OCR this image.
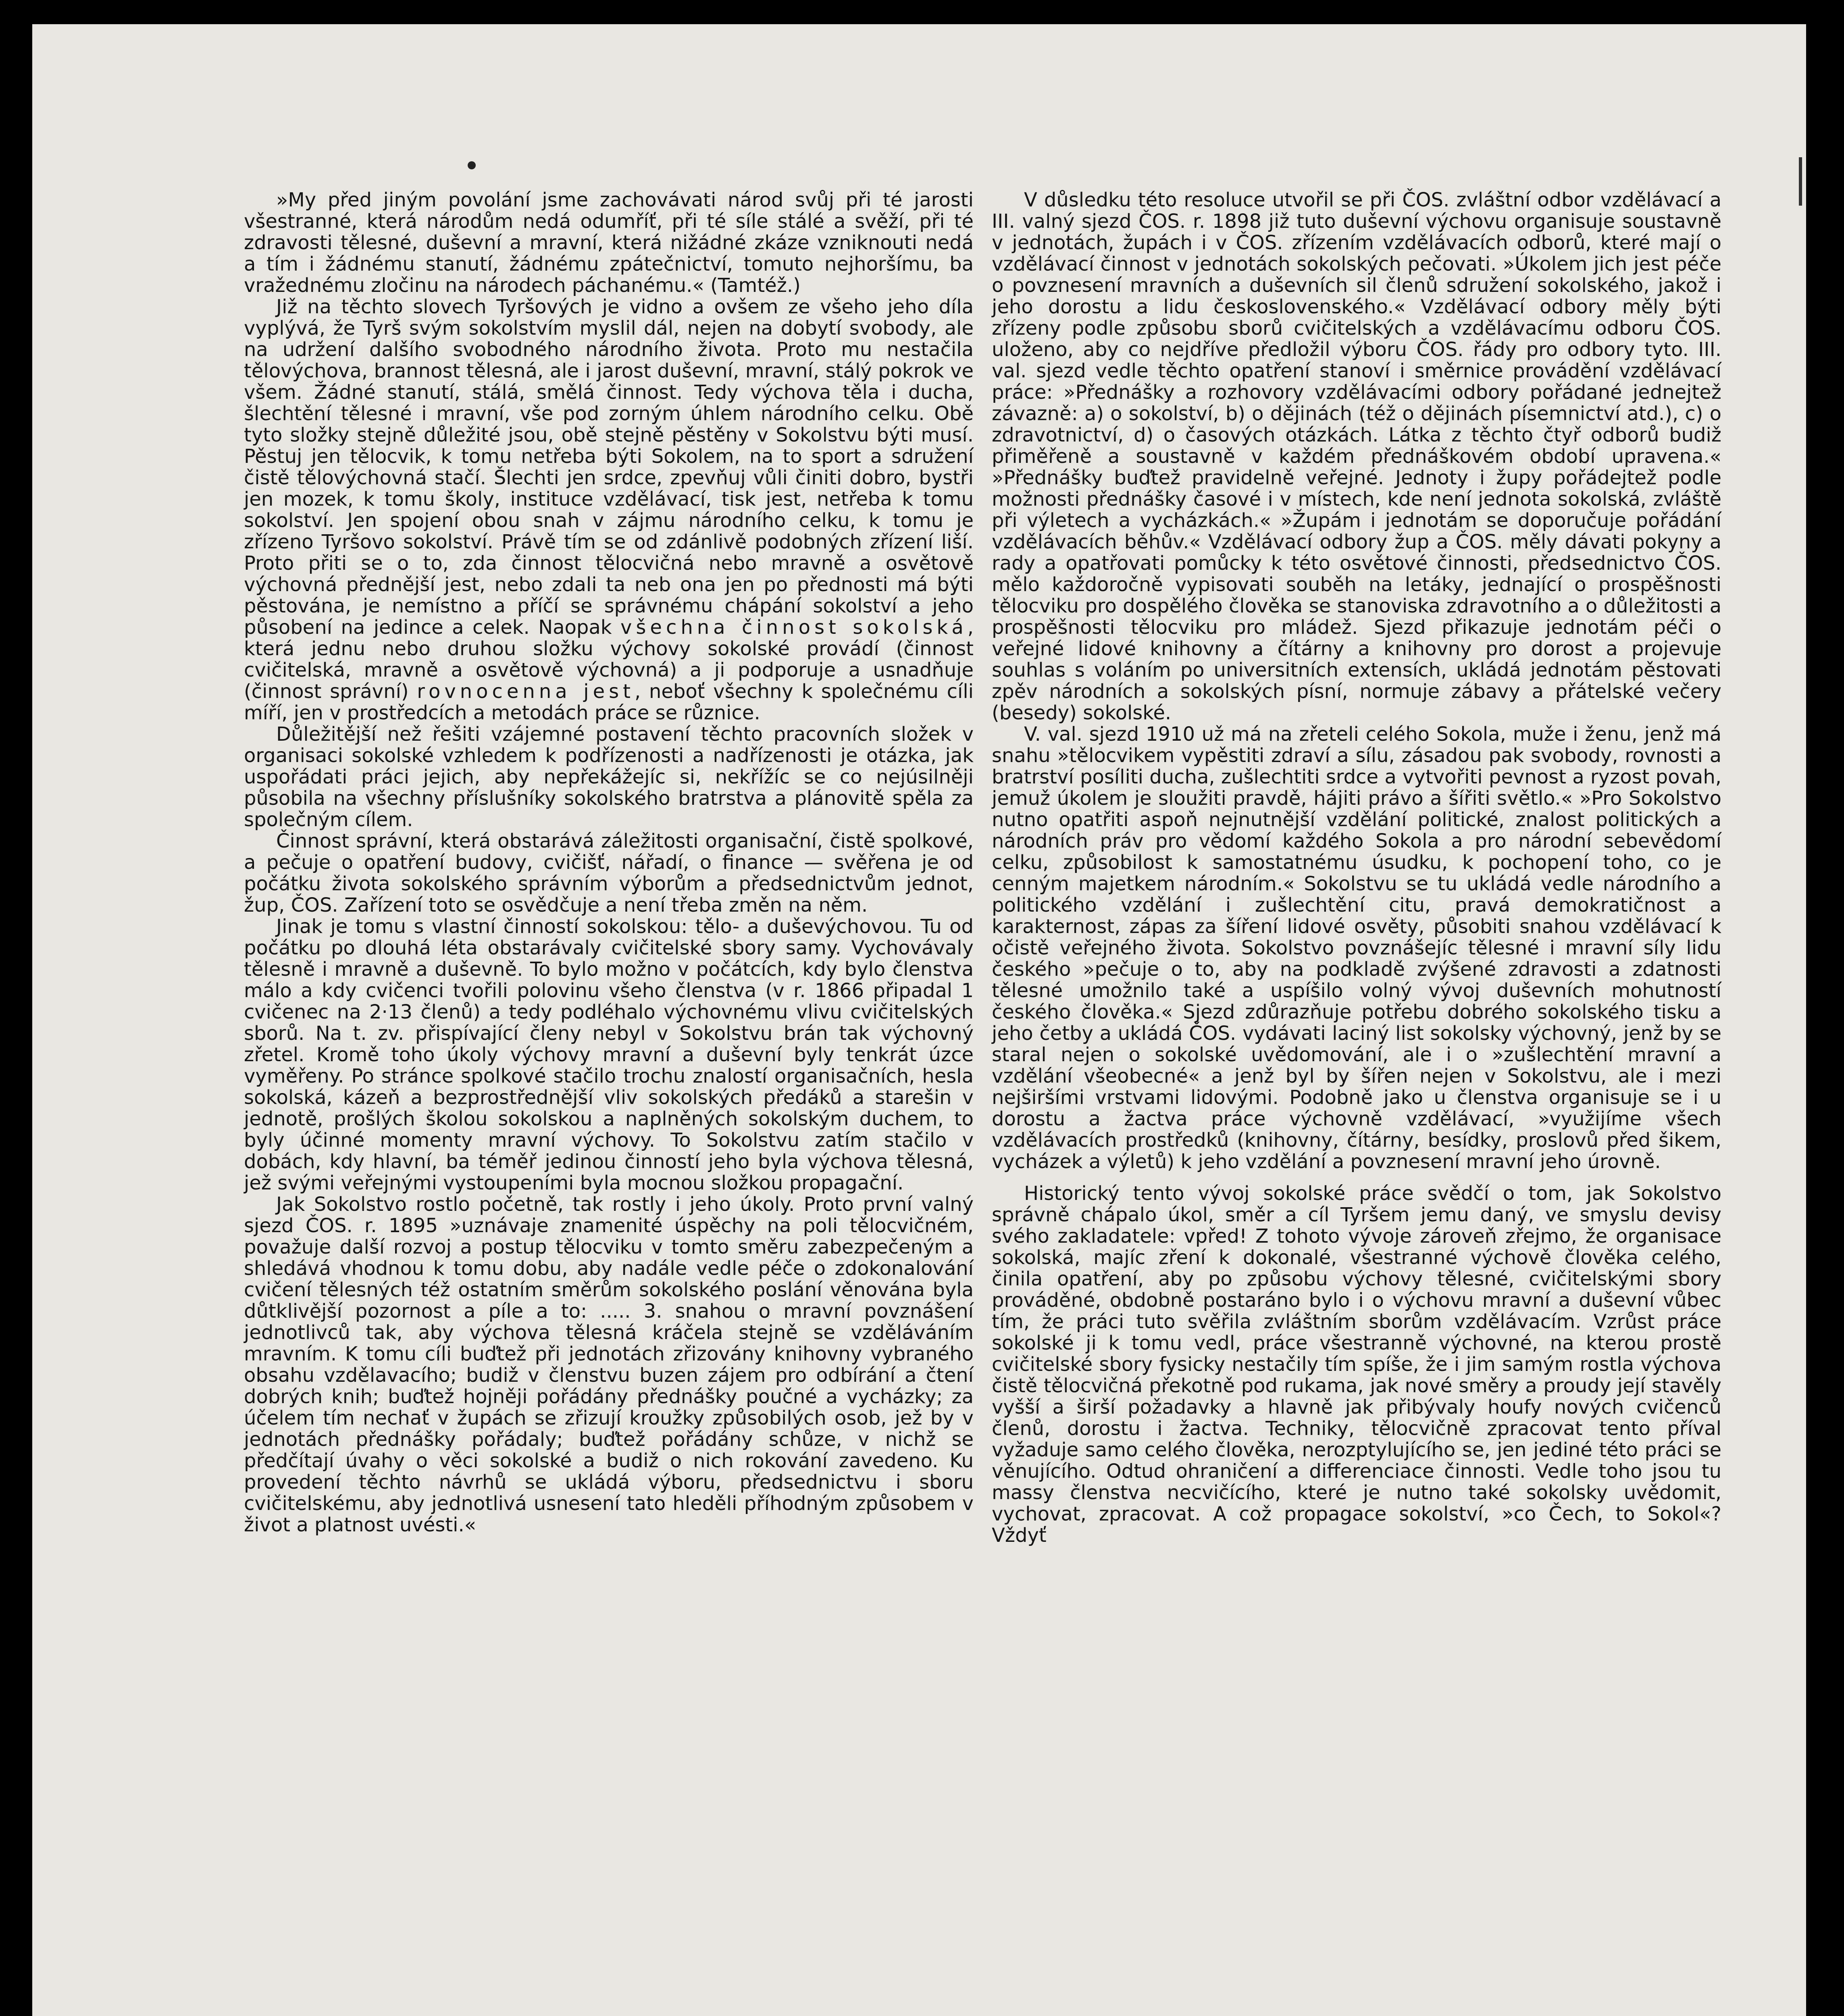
»My před jiným povolání jsme zachovávati národ svůj při té jarosti všestranné, která národům nedá odumříť, při té síle stálé a svěží, při té zdravosti tělesné, duševní a mravní, která nižádné zkáze vzniknouti nedá a tím i žádnému stanutí, žádnému zpátečnictví, tomuto nejhoršímu, ba vražednému zločinu na národech páchanému.« (Tamtéž.)

Již na těchto slovech Tyršových je vidno a ovšem ze všeho jeho díla vyplývá, že Tyrš svým sokolstvím myslil dál, nejen na dobytí svobody, ale na udržení dalšího svobodného národního života. Proto mu nestačila tělovýchova, brannost tělesná, ale i jarost duševní, mravní, stálý pokrok ve všem. Žádné stanutí, stálá, smělá činnost. Tedy výchova těla i ducha, šlechtění tělesné i mravní, vše pod zorným úhlem národního celku. Obě tyto složky stejně důležité jsou, obě stejně pěstěny v Sokolstvu býti musí. Pěstuj jen tělocvik, k tomu netřeba býti Sokolem, na to sport a sdružení čistě tělovýchovná stačí. Šlechti jen srdce, zpevňuj vůli činiti dobro, bystři jen mozek, k tomu školy, instituce vzdělávací, tisk jest, netřeba k tomu sokolství. Jen spojení obou snah v zájmu národního celku, k tomu je zřízeno Tyršovo sokolství. Právě tím se od zdánlivě podobných zřízení liší. Proto přiti se o to, zda činnost tělocvičná nebo mravně a osvětově výchovná přednější jest, nebo zdali ta neb ona jen po přednosti má býti pěstována, je nemístno a příčí se správnému chápání sokolství a jeho působení na jedince a celek. Naopak všechna činnost sokolská, která jednu nebo druhou složku výchovy sokolské provádí (činnost cvičitelská, mravně a osvětově výchovná) a ji podporuje a usnadňuje (činnost správní) rovnocenna jest, neboť všechny k společnému cíli míří, jen v prostředcích a metodách práce se různice.

Důležitější než řešiti vzájemné postavení těchto pracovních složek v organisaci sokolské vzhledem k podřízenosti a nadřízenosti je otázka, jak uspořádati práci jejich, aby nepřekážejíc si, nekřížíc se co nejúsilněji působila na všechny příslušníky sokolského bratrstva a plánovitě spěla za společným cílem.

Činnost správní, která obstarává záležitosti organisační, čistě spolkové, a pečuje o opatření budovy, cvičišť, nářadí, o finance — svěřena je od počátku života sokolského správním výborům a předsednictvům jednot, žup, ČOS. Zařízení toto se osvědčuje a není třeba změn na něm.

Jinak je tomu s vlastní činností sokolskou: tělo- a duševýchovou. Tu od počátku po dlouhá léta obstarávaly cvičitelské sbory samy. Vychovávaly tělesně i mravně a duševně. To bylo možno v počátcích, kdy bylo členstva málo a kdy cvičenci tvořili polovinu všeho členstva (v r. 1866 připadal 1 cvičenec na 2·13 členů) a tedy podléhalo výchovnému vlivu cvičitelských sborů. Na t. zv. přispívající členy nebyl v Sokolstvu brán tak výchovný zřetel. Kromě toho úkoly výchovy mravní a duševní byly tenkrát úzce vyměřeny. Po stránce spolkové stačilo trochu znalostí organisačních, hesla sokolská, kázeň a bezprostřednější vliv sokolských předáků a starešin v jednotě, prošlých školou sokolskou a naplněných sokolským duchem, to byly účinné momenty mravní výchovy. To Sokolstvu zatím stačilo v dobách, kdy hlavní, ba téměř jedinou činností jeho byla výchova tělesná, jež svými veřejnými vystoupeními byla mocnou složkou propagační.

Jak Sokolstvo rostlo početně, tak rostly i jeho úkoly. Proto první valný sjezd ČOS. r. 1895 »uznávaje znamenité úspěchy na poli tělocvičném, považuje další rozvoj a postup tělocviku v tomto směru zabezpečeným a shledává vhodnou k tomu dobu, aby nadále vedle péče o zdokonalování cvičení tělesných též ostatním směrům sokolského poslání věnována byla důtklivější pozornost a píle a to: ..... 3. snahou o mravní povznášení jednotlivců tak, aby výchova tělesná kráčela stejně se vzděláváním mravním. K tomu cíli buďtež při jednotách zřizovány knihovny vybraného obsahu vzdělavacího; budiž v členstvu buzen zájem pro odbírání a čtení dobrých knih; buďtež hojněji pořádány přednášky poučné a vycházky; za účelem tím nechať v župách se zřizují kroužky způsobilých osob, jež by v jednotách přednášky pořádaly; buďtež pořádány schůze, v nichž se předčítají úvahy o věci sokolské a budiž o nich rokování zavedeno. Ku provedení těchto návrhů se ukládá výboru, předsednictvu i sboru cvičitelskému, aby jednotlivá usnesení tato hleděli příhodným způsobem v život a platnost uvésti.«

V důsledku této resoluce utvořil se při ČOS. zvláštní odbor vzdělávací a III. valný sjezd ČOS. r. 1898 již tuto duševní výchovu organisuje soustavně v jednotách, župách i v ČOS. zřízením vzdělávacích odborů, které mají o vzdělávací činnost v jednotách sokolských pečovati. »Úkolem jich jest péče o povznesení mravních a duševních sil členů sdružení sokolského, jakož i jeho dorostu a lidu československého.« Vzdělávací odbory měly býti zřízeny podle způsobu sborů cvičitelských a vzdělávacímu odboru ČOS. uloženo, aby co nejdříve předložil výboru ČOS. řády pro odbory tyto. III. val. sjezd vedle těchto opatření stanoví i směrnice provádění vzdělávací práce: »Přednášky a rozhovory vzdělávacími odbory pořádané jednejtež závazně: a) o sokolství, b) o dějinách (též o dějinách písemnictví atd.), c) o zdravotnictví, d) o časových otázkách. Látka z těchto čtyř odborů budiž přiměřeně a soustavně v každém přednáškovém období upravena.« »Přednášky buďtež pravidelně veřejné. Jednoty i župy pořádejtež podle možnosti přednášky časové i v místech, kde není jednota sokolská, zvláště při výletech a vycházkách.« »Župám i jednotám se doporučuje pořádání vzdělávacích běhův.« Vzdělávací odbory žup a ČOS. měly dávati pokyny a rady a opatřovati pomůcky k této osvětové činnosti, předsednictvo ČOS. mělo každoročně vypisovati souběh na letáky, jednající o prospěšnosti tělocviku pro dospělého člověka se stanoviska zdravotního a o důležitosti a prospěšnosti tělocviku pro mládež. Sjezd přikazuje jednotám péči o veřejné lidové knihovny a čítárny a knihovny pro dorost a projevuje souhlas s voláním po universitních extensích, ukládá jednotám pěstovati zpěv národních a sokolských písní, normuje zábavy a přátelské večery (besedy) sokolské.

V. val. sjezd 1910 už má na zřeteli celého Sokola, muže i ženu, jenž má snahu »tělocvikem vypěstiti zdraví a sílu, zásadou pak svobody, rovnosti a bratrství posíliti ducha, zušlechtiti srdce a vytvořiti pevnost a ryzost povah, jemuž úkolem je sloužiti pravdě, hájiti právo a šířiti světlo.« »Pro Sokolstvo nutno opatřiti aspoň nejnutnější vzdělání politické, znalost politických a národních práv pro vědomí každého Sokola a pro národní sebevědomí celku, způsobilost k samostatnému úsudku, k pochopení toho, co je cenným majetkem národním.« Sokolstvu se tu ukládá vedle národního a politického vzdělání i zušlechtění citu, pravá demokratičnost a karakternost, zápas za šíření lidové osvěty, působiti snahou vzdělávací k očistě veřejného života. Sokolstvo povznášejíc tělesné i mravní síly lidu českého »pečuje o to, aby na podkladě zvýšené zdravosti a zdatnosti tělesné umožnilo také a uspíšilo volný vývoj duševních mohutností českého člověka.« Sjezd zdůrazňuje potřebu dobrého sokolského tisku a jeho četby a ukládá ČOS. vydávati laciný list sokolsky výchovný, jenž by se staral nejen o sokolské uvědomování, ale i o »zušlechtění mravní a vzdělání všeobecné« a jenž byl by šířen nejen v Sokolstvu, ale i mezi nejširšími vrstvami lidovými. Podobně jako u členstva organisuje se i u dorostu a žactva práce výchovně vzdělávací, »využijíme všech vzdělávacích prostředků (knihovny, čítárny, besídky, proslovů před šikem, vycházek a výletů) k jeho vzdělání a povznesení mravní jeho úrovně.

Historický tento vývoj sokolské práce svědčí o tom, jak Sokolstvo správně chápalo úkol, směr a cíl Tyršem jemu daný, ve smyslu devisy svého zakladatele: vpřed! Z tohoto vývoje zároveň zřejmo, že organisace sokolská, majíc zření k dokonalé, všestranné výchově člověka celého, činila opatření, aby po způsobu výchovy tělesné, cvičitelskými sbory prováděné, obdobně postaráno bylo i o výchovu mravní a duševní vůbec tím, že práci tuto svěřila zvláštním sborům vzdělávacím. Vzrůst práce sokolské ji k tomu vedl, práce všestranně výchovné, na kterou prostě cvičitelské sbory fysicky nestačily tím spíše, že i jim samým rostla výchova čistě tělocvičná překotně pod rukama, jak nové směry a proudy její stavěly vyšší a širší požadavky a hlavně jak přibývaly houfy nových cvičenců členů, dorostu i žactva. Techniky, tělocvičně zpracovat tento příval vyžaduje samo celého člověka, nerozptylujícího se, jen jediné této práci se věnujícího. Odtud ohraničení a differenciace činnosti. Vedle toho jsou tu massy členstva necvičícího, které je nutno také sokolsky uvědomit, vychovat, zpracovat. A což propagace sokolství, »co Čech, to Sokol«? Vždyť
